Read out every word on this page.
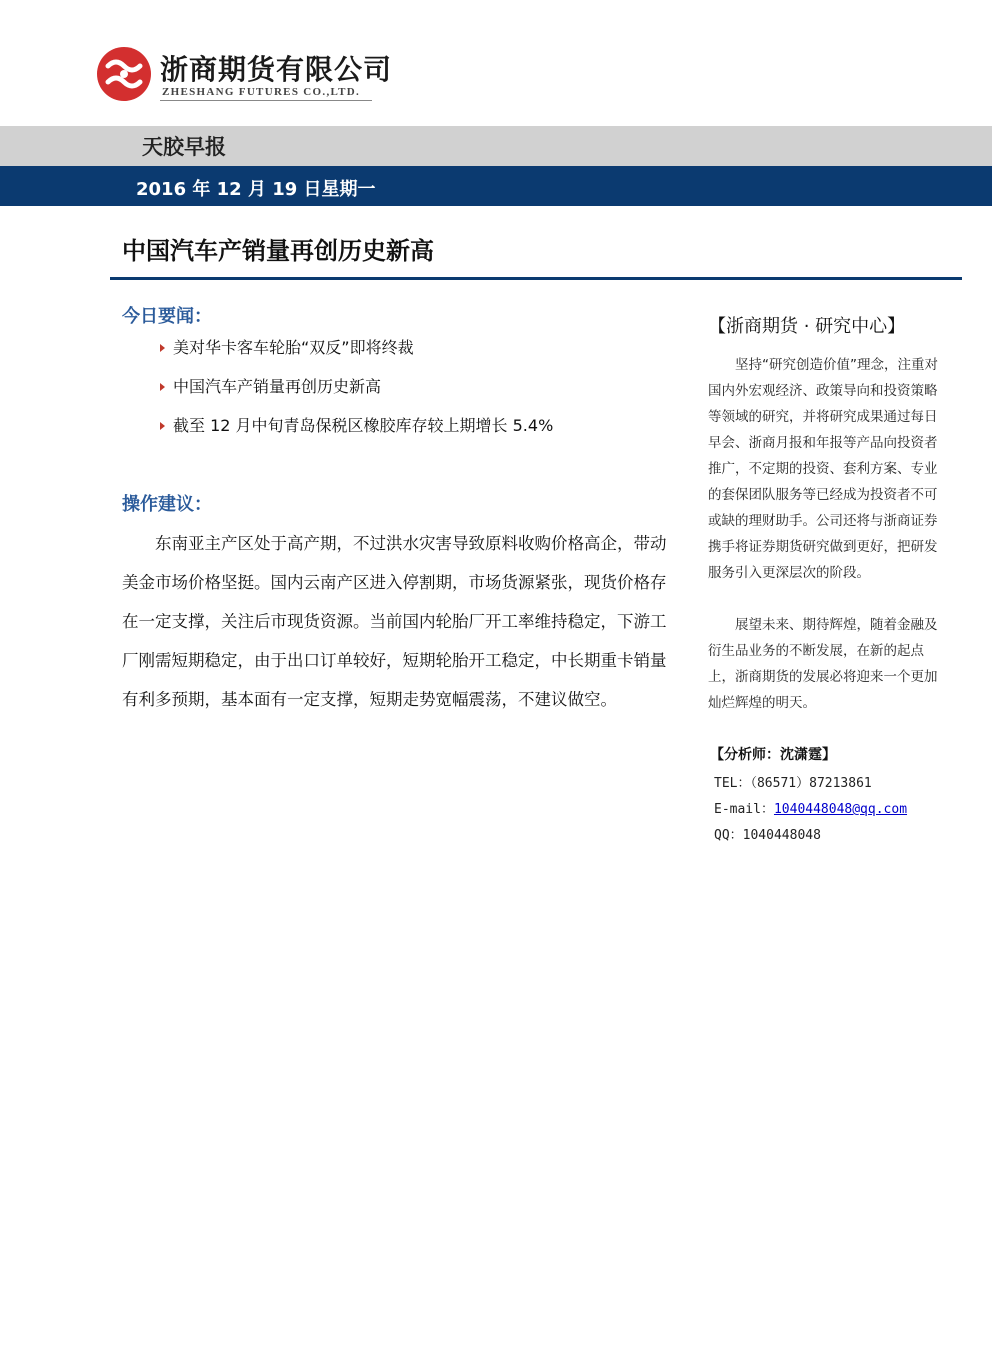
浙商期货有限公司
ZHESHANG FUTURES CO.,LTD.
天胶早报
2016 年 12 月 19 日星期一
中国汽车产销量再创历史新高
今日要闻：
美对华卡客车轮胎“双反”即将终裁
中国汽车产销量再创历史新高
截至 12 月中旬青岛保税区橡胶库存较上期增长 5.4%
操作建议：

东南亚主产区处于高产期，不过洪水灾害导致原料收购价格高企，带动美金市场价格坚挺。国内云南产区进入停割期，市场货源紧张，现货价格存在一定支撑，关注后市现货资源。当前国内轮胎厂开工率维持稳定，下游工厂刚需短期稳定，由于出口订单较好，短期轮胎开工稳定，中长期重卡销量有利多预期，基本面有一定支撑，短期走势宽幅震荡，不建议做空。

【浙商期货 · 研究中心】

坚持“研究创造价值”理念，注重对国内外宏观经济、政策导向和投资策略等领域的研究，并将研究成果通过每日早会、浙商月报和年报等产品向投资者推广，不定期的投资、套利方案、专业的套保团队服务等已经成为投资者不可或缺的理财助手。公司还将与浙商证券携手将证券期货研究做到更好，把研发服务引入更深层次的阶段。

展望未来、期待辉煌，随着金融及衍生品业务的不断发展，在新的起点上，浙商期货的发展必将迎来一个更加灿烂辉煌的明天。

【分析师：沈潇霆】
TEL：（86571）87213861
E-mail：1040448048@qq.com
QQ：1040448048
